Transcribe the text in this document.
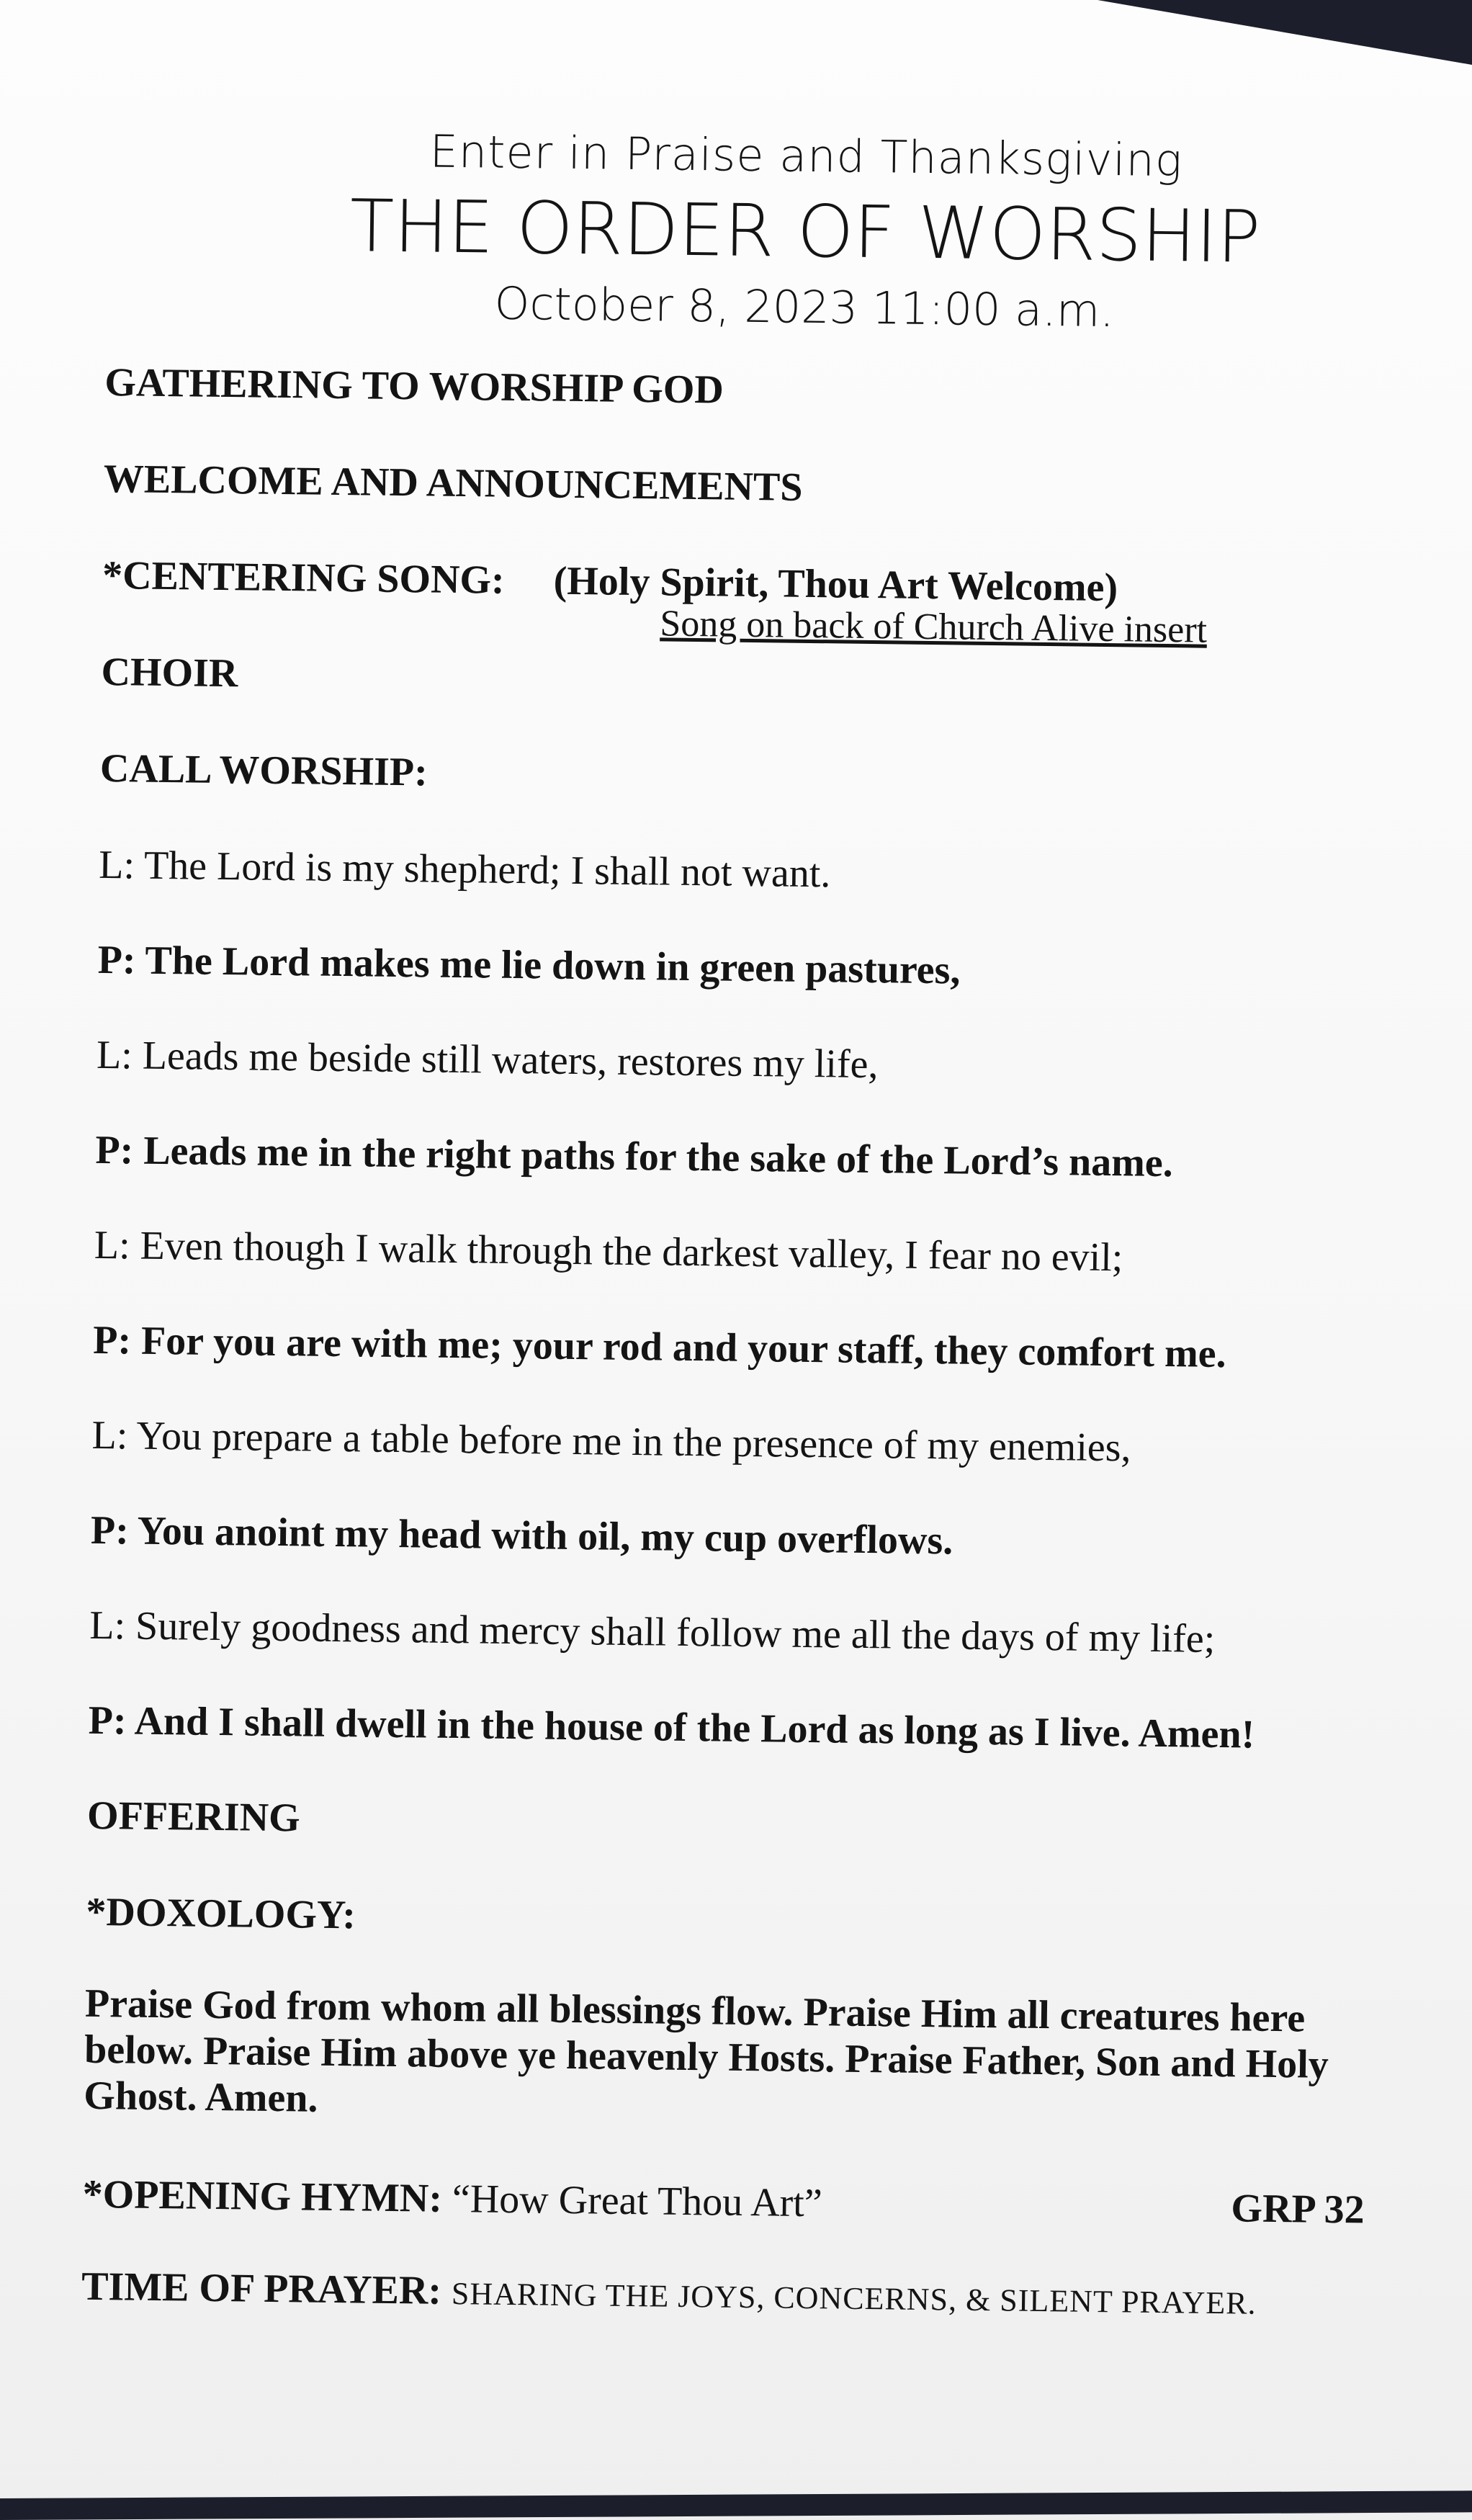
Enter in Praise and Thanksgiving

THE ORDER OF WORSHIP

October 8, 2023 11:00 a.m.

GATHERING TO WORSHIP GOD

WELCOME AND ANNOUNCEMENTS

*CENTERING SONG: (Holy Spirit, Thou Art Welcome)
Song on back of Church Alive insert

CHOIR

CALL WORSHIP:

L: The Lord is my shepherd; I shall not want.

P: The Lord makes me lie down in green pastures,

L: Leads me beside still waters, restores my life,

P: Leads me in the right paths for the sake of the Lord’s name.

L: Even though I walk through the darkest valley, I fear no evil;

P: For you are with me; your rod and your staff, they comfort me.

L: You prepare a table before me in the presence of my enemies,

P: You anoint my head with oil, my cup overflows.

L: Surely goodness and mercy shall follow me all the days of my life;

P: And I shall dwell in the house of the Lord as long as I live. Amen!

OFFERING

*DOXOLOGY:

Praise God from whom all blessings flow. Praise Him all creatures here below. Praise Him above ye heavenly Hosts. Praise Father, Son and Holy Ghost. Amen.

*OPENING HYMN: “How Great Thou Art”	GRP 32

TIME OF PRAYER: SHARING THE JOYS, CONCERNS, & SILENT PRAYER.
